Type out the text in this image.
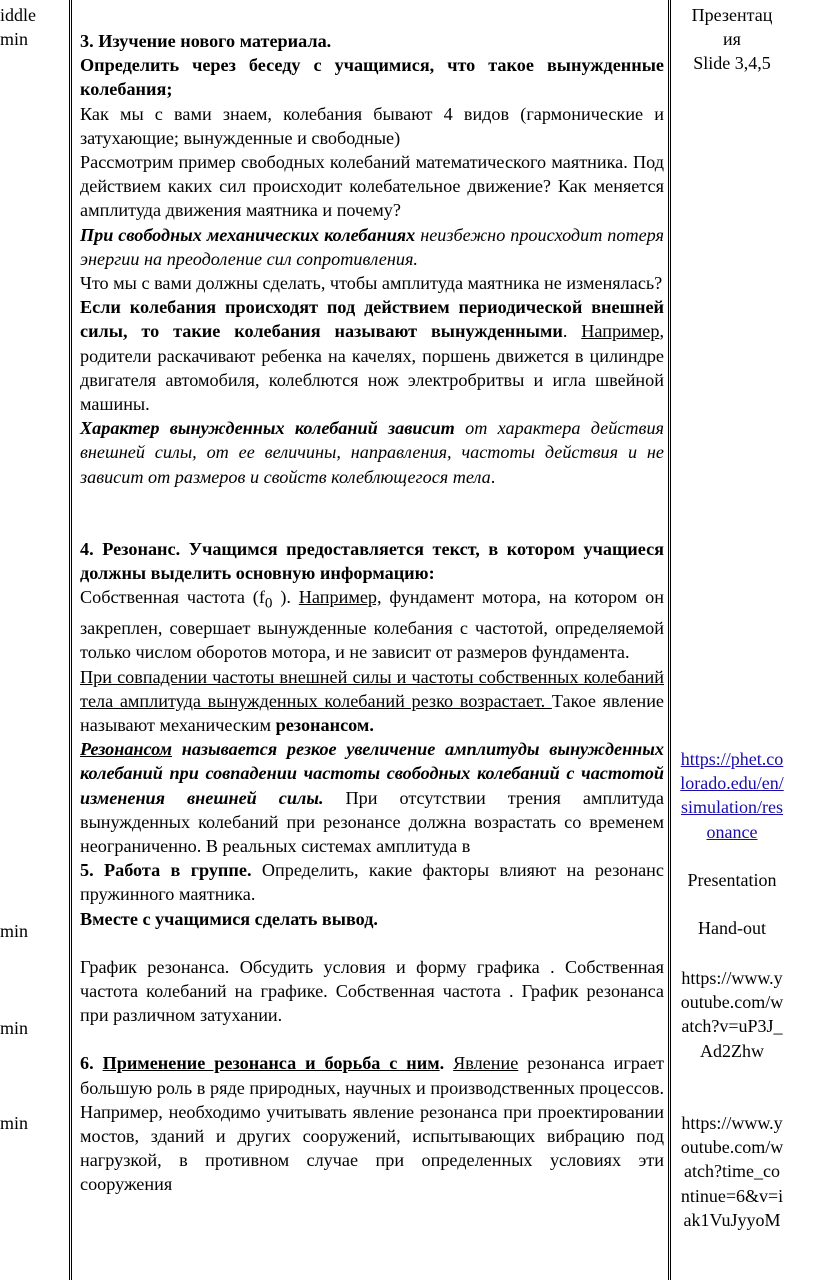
iddle
min
min
min
min

3. Изучение нового материала.

Определить через беседу с учащимися, что такое вынужденные колебания;

Как мы с вами знаем, колебания бывают 4 видов (гармонические и затухающие; вынужденные и свободные)

Рассмотрим пример свободных колебаний математического маятника. Под действием каких сил происходит колебательное движение? Как меняется амплитуда движения маятника и почему?

При свободных механических колебаниях неизбежно происходит потеря энергии на преодоление сил сопротивления.

Что мы с вами должны сделать, чтобы амплитуда маятника не изменялась?

Если колебания происходят под действием периодической внешней силы, то такие колебания называют вынужденными. Например, родители раскачивают ребенка на качелях, поршень движется в цилиндре двигателя автомобиля, колеблются нож электробритвы и игла швейной машины.

Характер вынужденных колебаний зависит от характера действия внешней силы, от ее величины, направления, частоты действия и не зависит от размеров и свойств колеблющегося тела.

4. Резонанс. Учащимся предоставляется текст, в котором учащиеся должны выделить основную информацию:

Собственная частота ($f_0$ ). Например, фундамент мотора, на котором он закреплен, совершает вынужденные колебания с частотой, определяемой только числом оборотов мотора, и не зависит от размеров фундамента.

При совпадении частоты внешней силы и частоты собственных колебаний тела амплитуда вынужденных колебаний резко возрастает. Такое явление называют механическим резонансом.

Резонансом называется резкое увеличение амплитуды вынужденных колебаний при совпадении частоты свободных колебаний с частотой изменения внешней силы. При отсутствии трения амплитуда вынужденных колебаний при резонансе должна возрастать со временем неограниченно. В реальных системах амплитуда в

5. Работа в группе. Определить, какие факторы влияют на резонанс пружинного маятника.

Вместе с учащимися сделать вывод.

График резонанса. Обсудить условия и форму графика . Собственная частота колебаний на графике. Собственная частота . График резонанса при различном затухании.

6. Применение резонанса и борьба с ним. Явление резонанса играет большую роль в ряде природных, научных и производственных процессов. Например, необходимо учитывать явление резонанса при проектировании мостов, зданий и других сооружений, испытывающих вибрацию под нагрузкой, в противном случае при определенных условиях эти сооружения

Презентац

ия

Slide 3,4,5

https://phet.colorado.edu/en/simulation/resonance

Presentation

Hand-out

https://www.youtube.com/watch?v=uP3J_Ad2Zhw

https://www.youtube.com/watch?time_continue=6&v=iak1VuJyyoM
